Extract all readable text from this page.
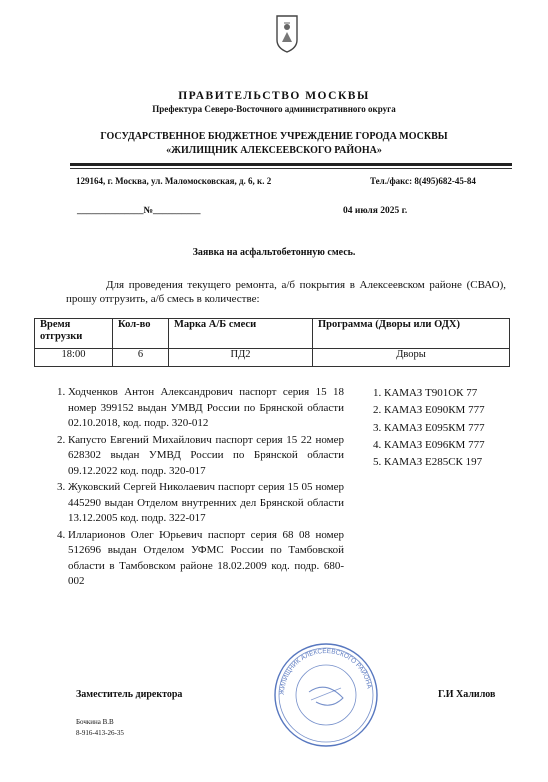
ПРАВИТЕЛЬСТВО МОСКВЫ
Префектура Северо-Восточного административного округа
ГОСУДАРСТВЕННОЕ БЮДЖЕТНОЕ УЧРЕЖДЕНИЕ ГОРОДА МОСКВЫ
«ЖИЛИЩНИК АЛЕКСЕЕВСКОГО РАЙОНА»
129164, г. Москва, ул. Маломосковская, д. 6, к. 2	Тел./факс: 8(495)682-45-84
______________№__________	04 июля 2025 г.
Заявка на асфальтобетонную смесь.
Для проведения текущего ремонта, а/б покрытия в Алексеевском районе (СВАО), прошу отгрузить, а/б смесь в количестве:
Время отгрузки	Кол-во	Марка А/Б смеси	Программа (Дворы или ОДХ)
18:00	6	ПД2	Дворы
1. Ходченков Антон Александрович паспорт серия 15 18 номер 399152 выдан УМВД России по Брянской области 02.10.2018, код. подр. 320-012
2. Капусто Евгений Михайлович паспорт серия 15 22 номер 628302 выдан УМВД России по Брянской области 09.12.2022 код. подр. 320-017
3. Жуковский Сергей Николаевич паспорт серия 15 05 номер 445290 выдан Отделом внутренних дел Брянской области 13.12.2005 код. подр. 322-017
4. Илларионов Олег Юрьевич паспорт серия 68 08 номер 512696 выдан Отделом УФМС России по Тамбовской области в Тамбовском районе 18.02.2009 код. подр. 680-002
1. КАМАЗ Т901ОК 77
2. КАМАЗ Е090КМ 777
3. КАМАЗ Е095КМ 777
4. КАМАЗ Е096КМ 777
5. КАМАЗ Е285СК 197
Заместитель директора	Г.И Халилов
ЖИЛИЩНИК АЛЕКСЕЕВСКОГО РАЙОНА
Бочкина В.В
8-916-413-26-35
